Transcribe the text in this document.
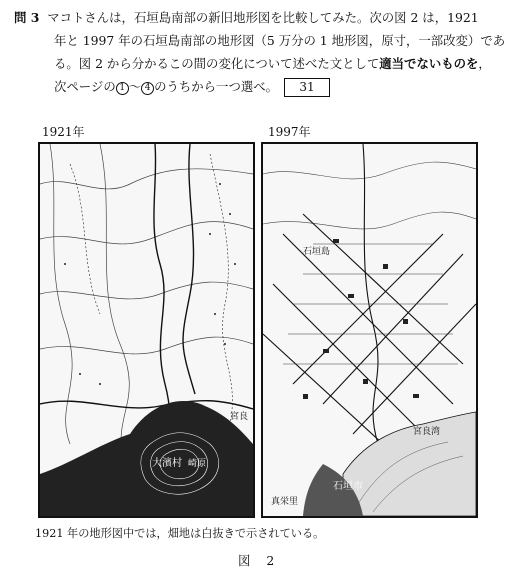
問 3 マコトさんは，石垣島南部の新旧地形図を比較してみた。次の図 2 は，1921
年と 1997 年の石垣島南部の地形図（5 万分の 1 地形図，原寸，一部改変）であ
る。図 2 から分かるこの間の変化について述べた文として適当でないものを，
次ページの 1 〜 4 のうちから一つ選べ。 31
1921年	1997年
大濱村
宮良
崎原
石垣島
宮良湾
石垣市
真栄里
1921 年の地形図中では，畑地は白抜きで示されている。
図 2
